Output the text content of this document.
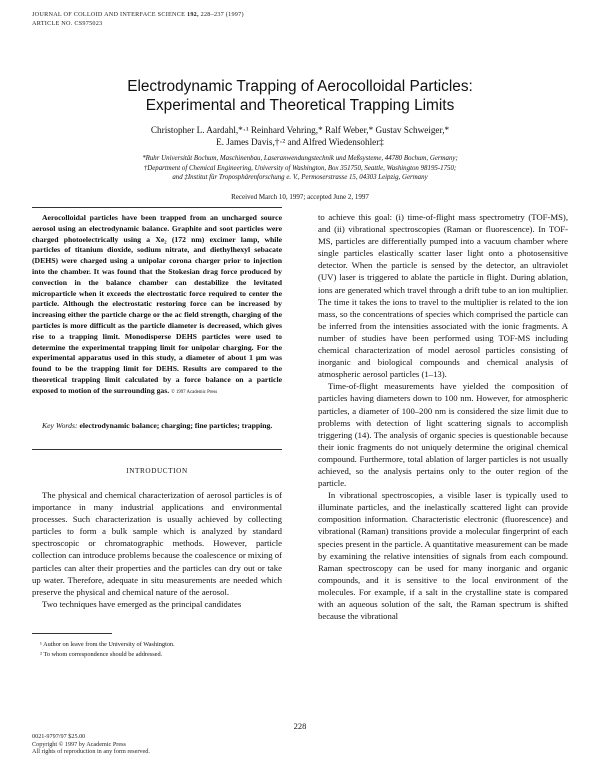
JOURNAL OF COLLOID AND INTERFACE SCIENCE 192, 228–237 (1997)
ARTICLE NO. CS975023
Electrodynamic Trapping of Aerocolloidal Particles:
Experimental and Theoretical Trapping Limits
Christopher L. Aardahl,*·¹ Reinhard Vehring,* Ralf Weber,* Gustav Schweiger,*
E. James Davis,†·² and Alfred Wiedensohler‡
*Ruhr Universität Bochum, Maschinenbau, Laseranwendungstechnik und Meßsysteme, 44780 Bochum, Germany;
†Department of Chemical Engineering, University of Washington, Box 351750, Seattle, Washington 98195-1750;
and ‡Institut für Troposphärenforschung e. V., Permoserstrasse 15, 04303 Leipzig, Germany
Received March 10, 1997; accepted June 2, 1997
Aerocolloidal particles have been trapped from an uncharged source aerosol using an electrodynamic balance. Graphite and soot particles were charged photoelectrically using a Xe₂ (172 nm) excimer lamp, while particles of titanium dioxide, sodium nitrate, and diethylhexyl sebacate (DEHS) were charged using a unipolar corona charger prior to injection into the chamber. It was found that the Stokesian drag force produced by convection in the balance chamber can destabilize the levitated microparticle when it exceeds the electrostatic force required to center the particle. Although the electrostatic restoring force can be increased by increasing either the particle charge or the ac field strength, charging of the particles is more difficult as the particle diameter is decreased, which gives rise to a trapping limit. Monodisperse DEHS particles were used to determine the experimental trapping limit for unipolar charging. For the experimental apparatus used in this study, a diameter of about 1 μm was found to be the trapping limit for DEHS. Results are compared to the theoretical trapping limit calculated by a force balance on a particle exposed to motion of the surrounding gas. © 1997 Academic Press
Key Words: electrodynamic balance; charging; fine particles; trapping.
INTRODUCTION

The physical and chemical characterization of aerosol particles is of importance in many industrial applications and environmental processes. Such characterization is usually achieved by collecting particles to form a bulk sample which is analyzed by standard spectroscopic or chromatographic methods. However, particle collection can introduce problems because the coalescence or mixing of particles can alter their properties and the particles can dry out or take up water. Therefore, adequate in situ measurements are needed which preserve the physical and chemical nature of the aerosol.

Two techniques have emerged as the principal candidates

¹ Author on leave from the University of Washington.
² To whom correspondence should be addressed.
0021-9797/97 $25.00
Copyright © 1997 by Academic Press
All rights of reproduction in any form reserved.
228

to achieve this goal: (i) time-of-flight mass spectrometry (TOF-MS), and (ii) vibrational spectroscopies (Raman or fluorescence). In TOF-MS, particles are differentially pumped into a vacuum chamber where single particles elastically scatter laser light onto a photosensitive detector. When the particle is sensed by the detector, an ultraviolet (UV) laser is triggered to ablate the particle in flight. During ablation, ions are generated which travel through a drift tube to an ion multiplier. The time it takes the ions to travel to the multiplier is related to the ion mass, so the concentrations of species which comprised the particle can be inferred from the intensities associated with the ionic fragments. A number of studies have been performed using TOF-MS including chemical characterization of model aerosol particles consisting of inorganic and biological compounds and chemical analysis of atmospheric aerosol particles (1–13).

Time-of-flight measurements have yielded the composition of particles having diameters down to 100 nm. However, for atmospheric particles, a diameter of 100–200 nm is considered the size limit due to problems with detection of light scattering signals to accomplish triggering (14). The analysis of organic species is questionable because their ionic fragments do not uniquely determine the original chemical compound. Furthermore, total ablation of larger particles is not usually achieved, so the analysis pertains only to the outer region of the particle.

In vibrational spectroscopies, a visible laser is typically used to illuminate particles, and the inelastically scattered light can provide composition information. Characteristic electronic (fluorescence) and vibrational (Raman) transitions provide a molecular fingerprint of each species present in the particle. A quantitative measurement can be made by examining the relative intensities of signals from each compound. Raman spectroscopy can be used for many inorganic and organic compounds, and it is sensitive to the local environment of the molecules. For example, if a salt in the crystalline state is compared with an aqueous solution of the salt, the Raman spectrum is shifted because the vibrational
